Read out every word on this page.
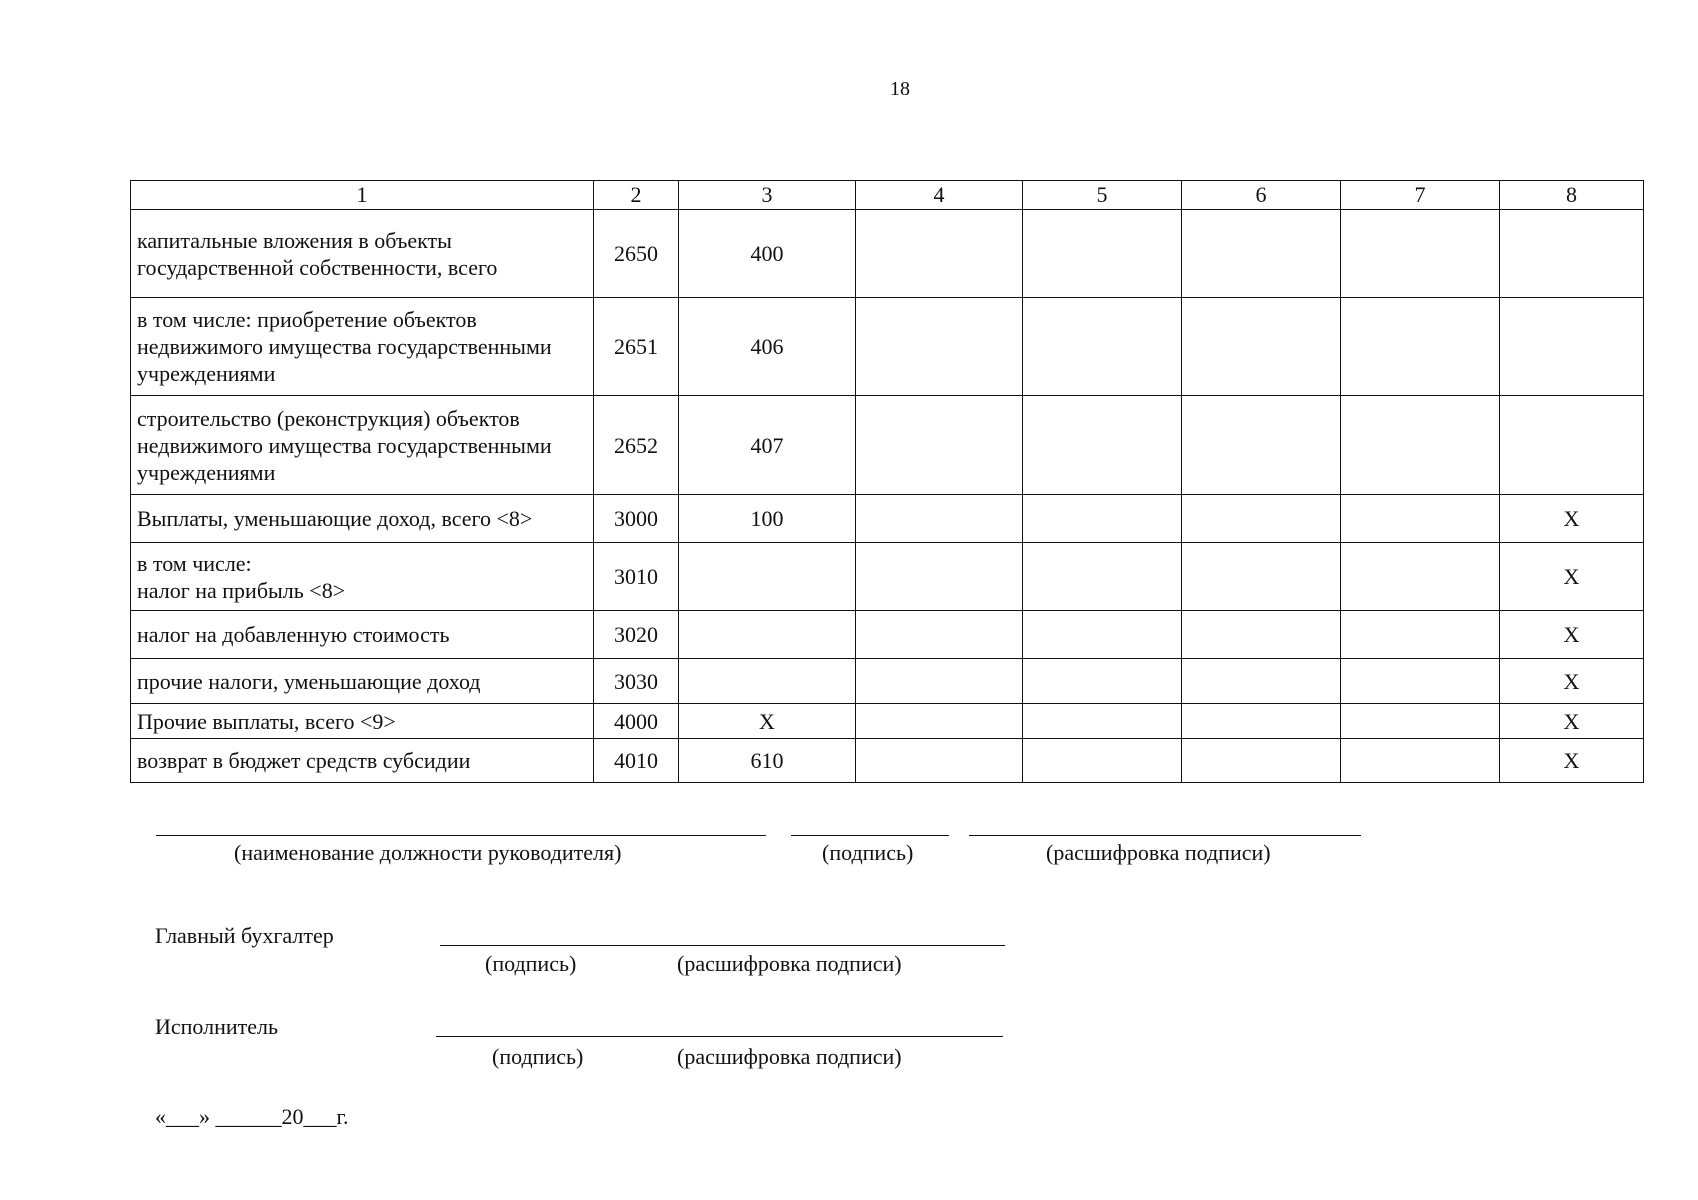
18
1	2	3	4	5	6	7	8
капитальные вложения в объекты государственной собственности, всего	2650	400					
в том числе: приобретение объектов недвижимого имущества государственными учреждениями	2651	406					
строительство (реконструкция) объектов недвижимого имущества государственными учреждениями	2652	407					
Выплаты, уменьшающие доход, всего <8>	3000	100					X

в том числе:
налог на прибыль <8>	3010						X
налог на добавленную стоимость	3020						X
прочие налоги, уменьшающие доход	3030						X
Прочие выплаты, всего <9>	4000	X					X
возврат в бюджет средств субсидии	4010	610					X
(наименование должности руководителя)	(подпись)	(расшифровка подписи)
Главный бухгалтер
(подпись)	(расшифровка подписи)
Исполнитель
(подпись)	(расшифровка подписи)
«___» ______20___г.
